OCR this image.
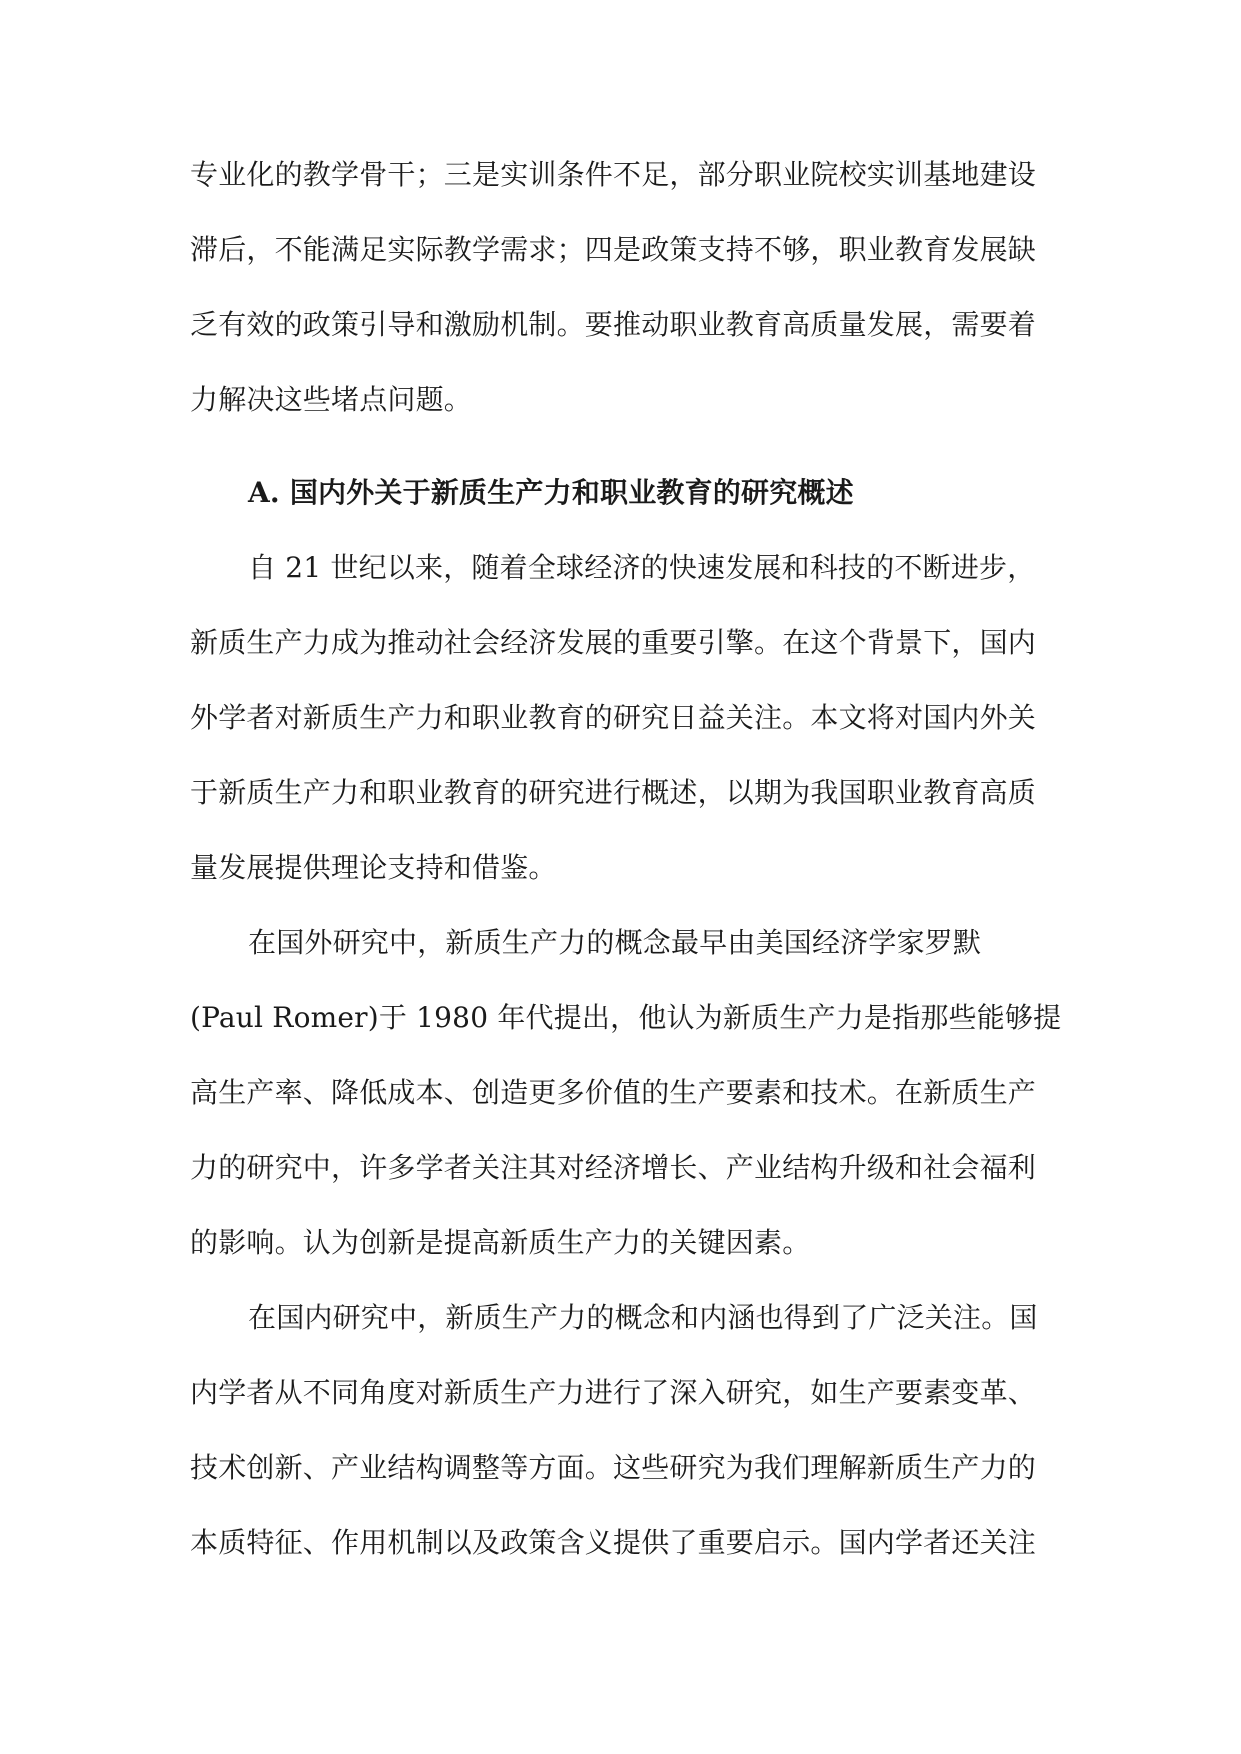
专业化的教学骨干；三是实训条件不足，部分职业院校实训基地建设
滞后，不能满足实际教学需求；四是政策支持不够，职业教育发展缺
乏有效的政策引导和激励机制。要推动职业教育高质量发展，需要着
力解决这些堵点问题。
A. 国内外关于新质生产力和职业教育的研究概述
自 21 世纪以来，随着全球经济的快速发展和科技的不断进步，
新质生产力成为推动社会经济发展的重要引擎。在这个背景下，国内
外学者对新质生产力和职业教育的研究日益关注。本文将对国内外关
于新质生产力和职业教育的研究进行概述，以期为我国职业教育高质
量发展提供理论支持和借鉴。
在国外研究中，新质生产力的概念最早由美国经济学家罗默
(Paul Romer)于 1980 年代提出，他认为新质生产力是指那些能够提
高生产率、降低成本、创造更多价值的生产要素和技术。在新质生产
力的研究中，许多学者关注其对经济增长、产业结构升级和社会福利
的影响。认为创新是提高新质生产力的关键因素。
在国内研究中，新质生产力的概念和内涵也得到了广泛关注。国
内学者从不同角度对新质生产力进行了深入研究，如生产要素变革、
技术创新、产业结构调整等方面。这些研究为我们理解新质生产力的
本质特征、作用机制以及政策含义提供了重要启示。国内学者还关注
